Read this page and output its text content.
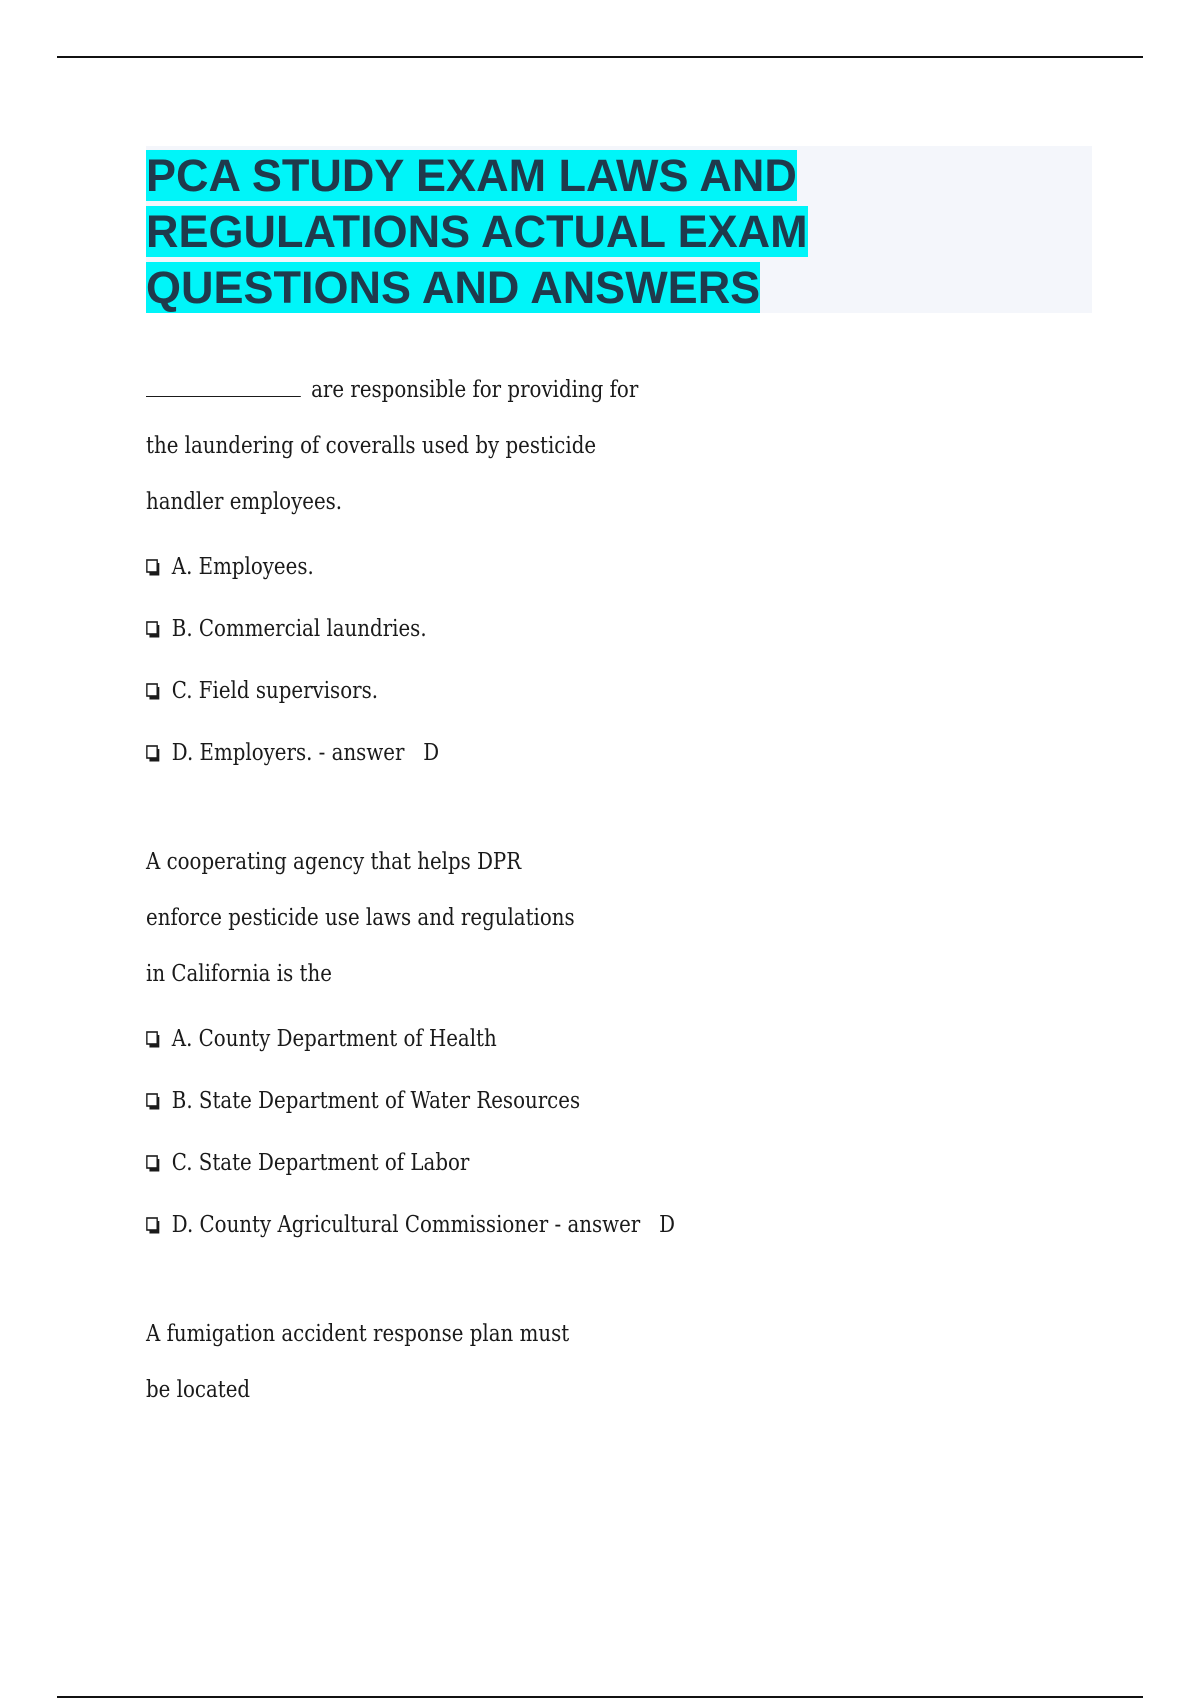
PCA STUDY EXAM LAWS AND REGULATIONS ACTUAL EXAM QUESTIONS AND ANSWERS

are responsible for providing for

the laundering of coveralls used by pesticide

handler employees.

A. Employees.
B. Commercial laundries.
C. Field supervisors.
D. Employers. - answer   D

A cooperating agency that helps DPR

enforce pesticide use laws and regulations

in California is the

A. County Department of Health
B. State Department of Water Resources
C. State Department of Labor
D. County Agricultural Commissioner - answer   D

A fumigation accident response plan must

be located
